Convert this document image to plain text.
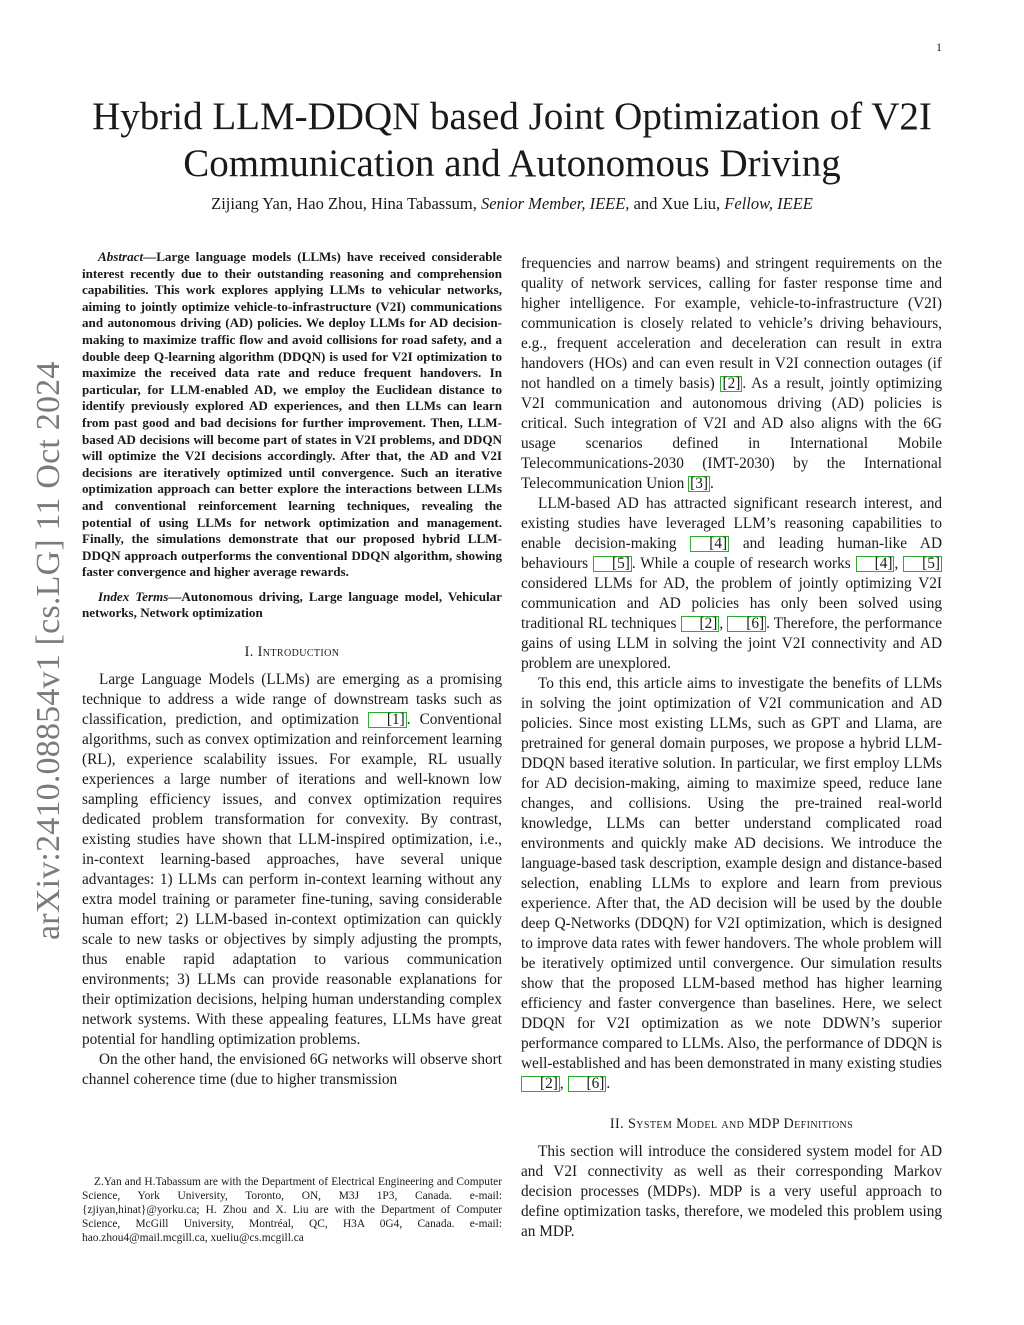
1
arXiv:2410.08854v1 [cs.LG] 11 Oct 2024
Hybrid LLM-DDQN based Joint Optimization of V2I Communication and Autonomous Driving
Zijiang Yan, Hao Zhou, Hina Tabassum, Senior Member, IEEE, and Xue Liu, Fellow, IEEE

Abstract—Large language models (LLMs) have received considerable interest recently due to their outstanding reasoning and comprehension capabilities. This work explores applying LLMs to vehicular networks, aiming to jointly optimize vehicle-to-infrastructure (V2I) communications and autonomous driving (AD) policies. We deploy LLMs for AD decision-making to maximize traffic flow and avoid collisions for road safety, and a double deep Q-learning algorithm (DDQN) is used for V2I optimization to maximize the received data rate and reduce frequent handovers. In particular, for LLM-enabled AD, we employ the Euclidean distance to identify previously explored AD experiences, and then LLMs can learn from past good and bad decisions for further improvement. Then, LLM-based AD decisions will become part of states in V2I problems, and DDQN will optimize the V2I decisions accordingly. After that, the AD and V2I decisions are iteratively optimized until convergence. Such an iterative optimization approach can better explore the interactions between LLMs and conventional reinforcement learning techniques, revealing the potential of using LLMs for network optimization and management. Finally, the simulations demonstrate that our proposed hybrid LLM-DDQN approach outperforms the conventional DDQN algorithm, showing faster convergence and higher average rewards.

Index Terms—Autonomous driving, Large language model, Vehicular networks, Network optimization

I. Introduction

Large Language Models (LLMs) are emerging as a promising technique to address a wide range of downstream tasks such as classification, prediction, and optimization [1] . Conventional algorithms, such as convex optimization and reinforcement learning (RL), experience scalability issues. For example, RL usually experiences a large number of iterations and well-known low sampling efficiency issues, and convex optimization requires dedicated problem transformation for convexity. By contrast, existing studies have shown that LLM-inspired optimization, i.e., in-context learning-based approaches, have several unique advantages: 1) LLMs can perform in-context learning without any extra model training or parameter fine-tuning, saving considerable human effort; 2) LLM-based in-context optimization can quickly scale to new tasks or objectives by simply adjusting the prompts, thus enable rapid adaptation to various communication environments; 3) LLMs can provide reasonable explanations for their optimization decisions, helping human understanding complex network systems. With these appealing features, LLMs have great potential for handling optimization problems.

On the other hand, the envisioned 6G networks will observe short channel coherence time (due to higher transmission

frequencies and narrow beams) and stringent requirements on the quality of network services, calling for faster response time and higher intelligence. For example, vehicle-to-infrastructure (V2I) communication is closely related to vehicle’s driving behaviours, e.g., frequent acceleration and deceleration can result in extra handovers (HOs) and can even result in V2I connection outages (if not handled on a timely basis) [2] . As a result, jointly optimizing V2I communication and autonomous driving (AD) policies is critical. Such integration of V2I and AD also aligns with the 6G usage scenarios defined in International Mobile Telecommunications-2030 (IMT-2030) by the International Telecommunication Union [3] .

LLM-based AD has attracted significant research interest, and existing studies have leveraged LLM’s reasoning capabilities to enable decision-making [4] and leading human-like AD behaviours [5] . While a couple of research works [4] , [5] considered LLMs for AD, the problem of jointly optimizing V2I communication and AD policies has only been solved using traditional RL techniques [2] , [6] . Therefore, the performance gains of using LLM in solving the joint V2I connectivity and AD problem are unexplored.

To this end, this article aims to investigate the benefits of LLMs in solving the joint optimization of V2I communication and AD policies. Since most existing LLMs, such as GPT and Llama, are pretrained for general domain purposes, we propose a hybrid LLM-DDQN based iterative solution. In particular, we first employ LLMs for AD decision-making, aiming to maximize speed, reduce lane changes, and collisions. Using the pre-trained real-world knowledge, LLMs can better understand complicated road environments and quickly make AD decisions. We introduce the language-based task description, example design and distance-based selection, enabling LLMs to explore and learn from previous experience. After that, the AD decision will be used by the double deep Q-Networks (DDQN) for V2I optimization, which is designed to improve data rates with fewer handovers. The whole problem will be iteratively optimized until convergence. Our simulation results show that the proposed LLM-based method has higher learning efficiency and faster convergence than baselines. Here, we select DDQN for V2I optimization as we note DDWN’s superior performance compared to LLMs. Also, the performance of DDQN is well-established and has been demonstrated in many existing studies [2] , [6] .

II. System Model and MDP Definitions

This section will introduce the considered system model for AD and V2I connectivity as well as their corresponding Markov decision processes (MDPs). MDP is a very useful approach to define optimization tasks, therefore, we modeled this problem using an MDP.

Z.Yan and H.Tabassum are with the Department of Electrical Engineering and Computer Science, York University, Toronto, ON, M3J 1P3, Canada. e-mail: {zjiyan,hinat}@yorku.ca; H. Zhou and X. Liu are with the Department of Computer Science, McGill University, Montréal, QC, H3A 0G4, Canada. e-mail: hao.zhou4@mail.mcgill.ca, xueliu@cs.mcgill.ca
